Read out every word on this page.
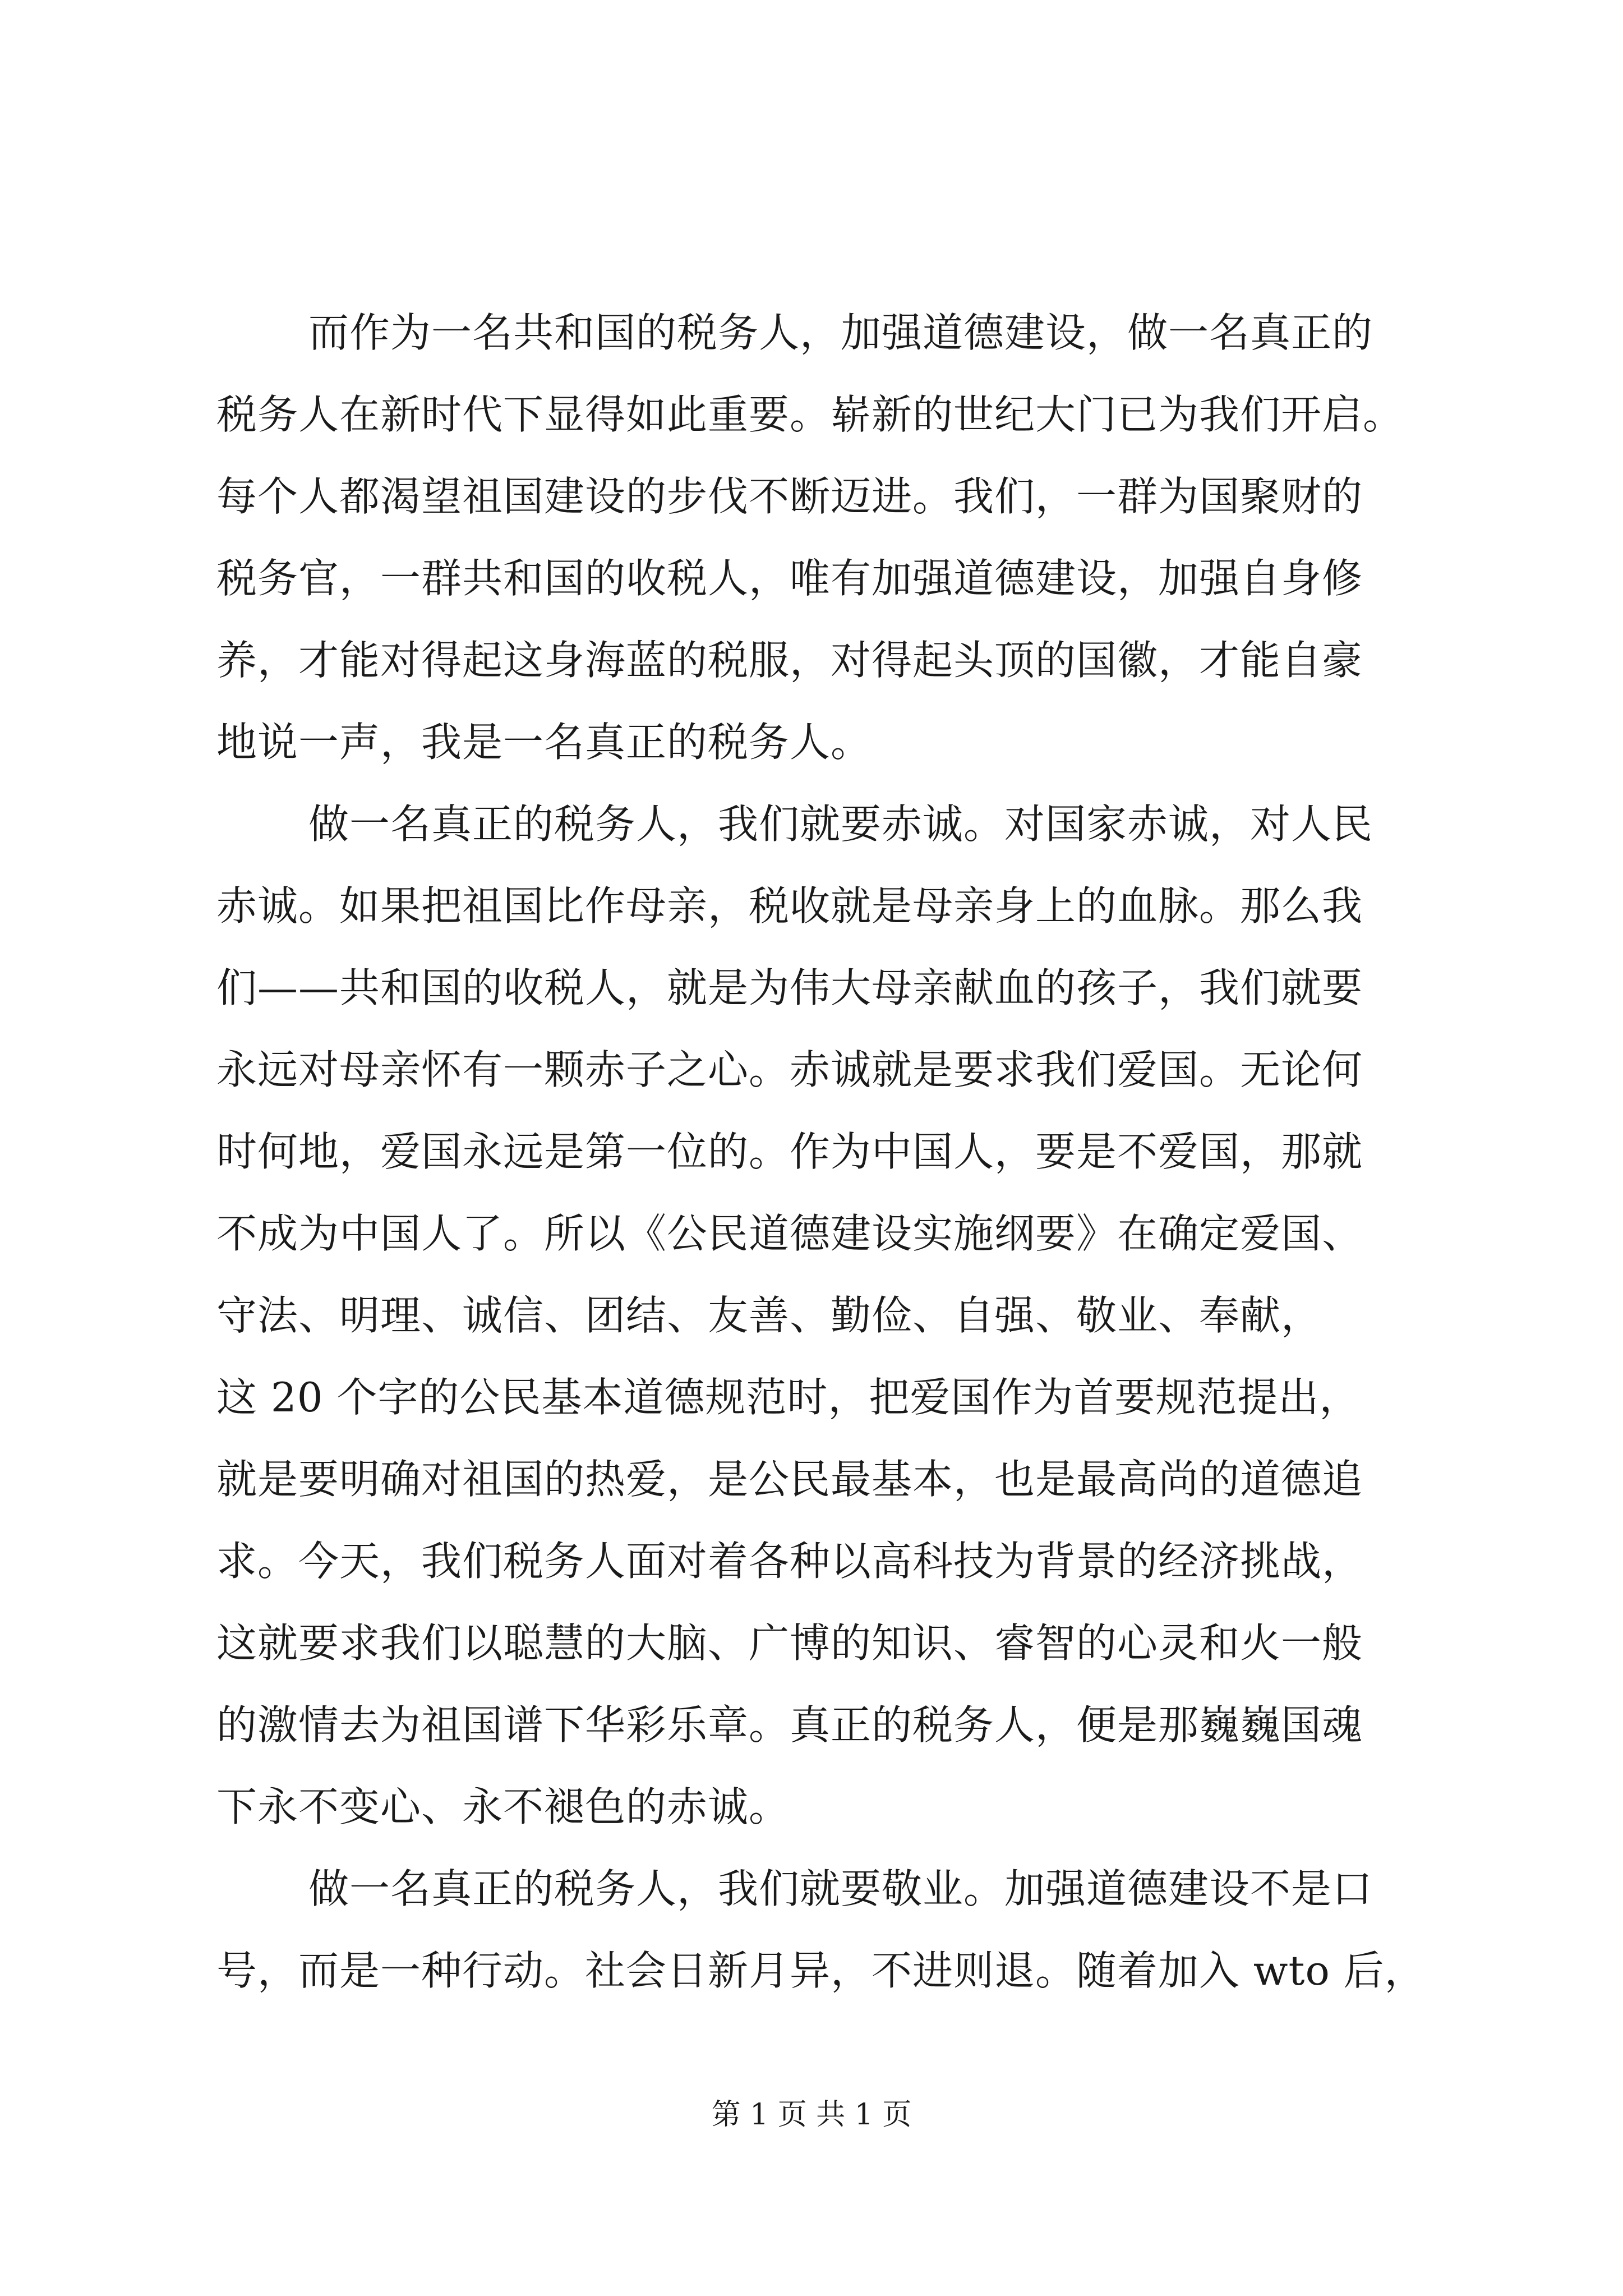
而作为一名共和国的税务人，加强道德建设，做一名真正的
税务人在新时代下显得如此重要。崭新的世纪大门已为我们开启。
每个人都渴望祖国建设的步伐不断迈进。我们，一群为国聚财的
税务官，一群共和国的收税人，唯有加强道德建设，加强自身修
养，才能对得起这身海蓝的税服，对得起头顶的国徽，才能自豪
地说一声，我是一名真正的税务人。
做一名真正的税务人，我们就要赤诚。对国家赤诚，对人民
赤诚。如果把祖国比作母亲，税收就是母亲身上的血脉。那么我
们——共和国的收税人，就是为伟大母亲献血的孩子，我们就要
永远对母亲怀有一颗赤子之心。赤诚就是要求我们爱国。无论何
时何地，爱国永远是第一位的。作为中国人，要是不爱国，那就
不成为中国人了。所以《公民道德建设实施纲要》在确定爱国、
守法、明理、诚信、团结、友善、勤俭、自强、敬业、奉献，
这 20 个字的公民基本道德规范时，把爱国作为首要规范提出，
就是要明确对祖国的热爱，是公民最基本，也是最高尚的道德追
求。今天，我们税务人面对着各种以高科技为背景的经济挑战，
这就要求我们以聪慧的大脑、广博的知识、睿智的心灵和火一般
的激情去为祖国谱下华彩乐章。真正的税务人，便是那巍巍国魂
下永不变心、永不褪色的赤诚。
做一名真正的税务人，我们就要敬业。加强道德建设不是口
号，而是一种行动。社会日新月异，不进则退。随着加入 wto 后，
第 1 页 共 1 页
